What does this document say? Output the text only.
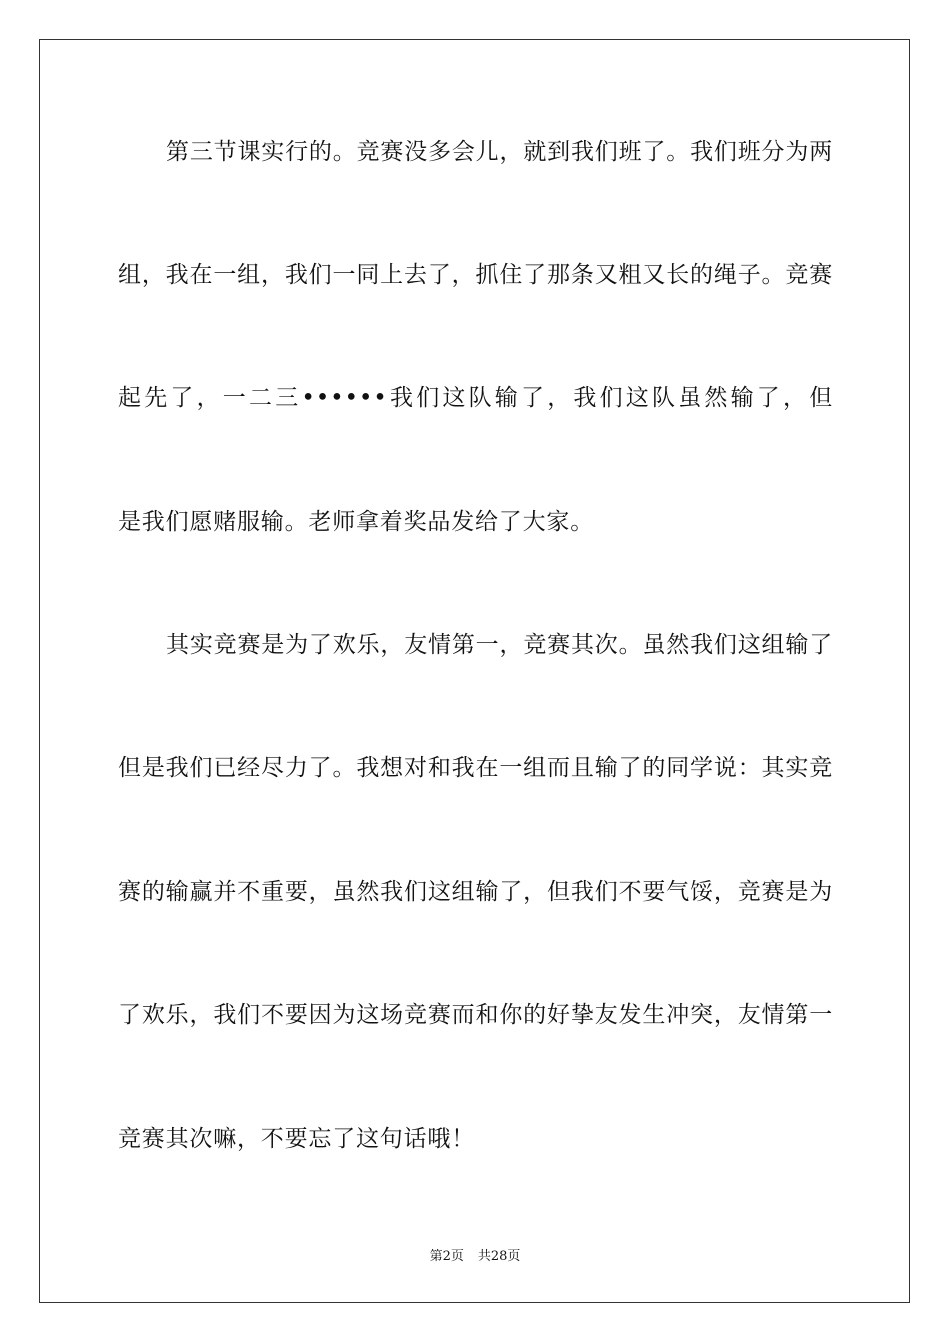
第三节课实行的。竞赛没多会儿，就到我们班了。我们班分为两
组，我在一组，我们一同上去了，抓住了那条又粗又长的绳子。竞赛
起先了，一二三••••••我们这队输了，我们这队虽然输了，但
是我们愿赌服输。老师拿着奖品发给了大家。
其实竞赛是为了欢乐，友情第一，竞赛其次。虽然我们这组输了
但是我们已经尽力了。我想对和我在一组而且输了的同学说：其实竞
赛的输赢并不重要，虽然我们这组输了，但我们不要气馁，竞赛是为
了欢乐，我们不要因为这场竞赛而和你的好挚友发生冲突，友情第一
竞赛其次嘛，不要忘了这句话哦！
第2页 共28页
